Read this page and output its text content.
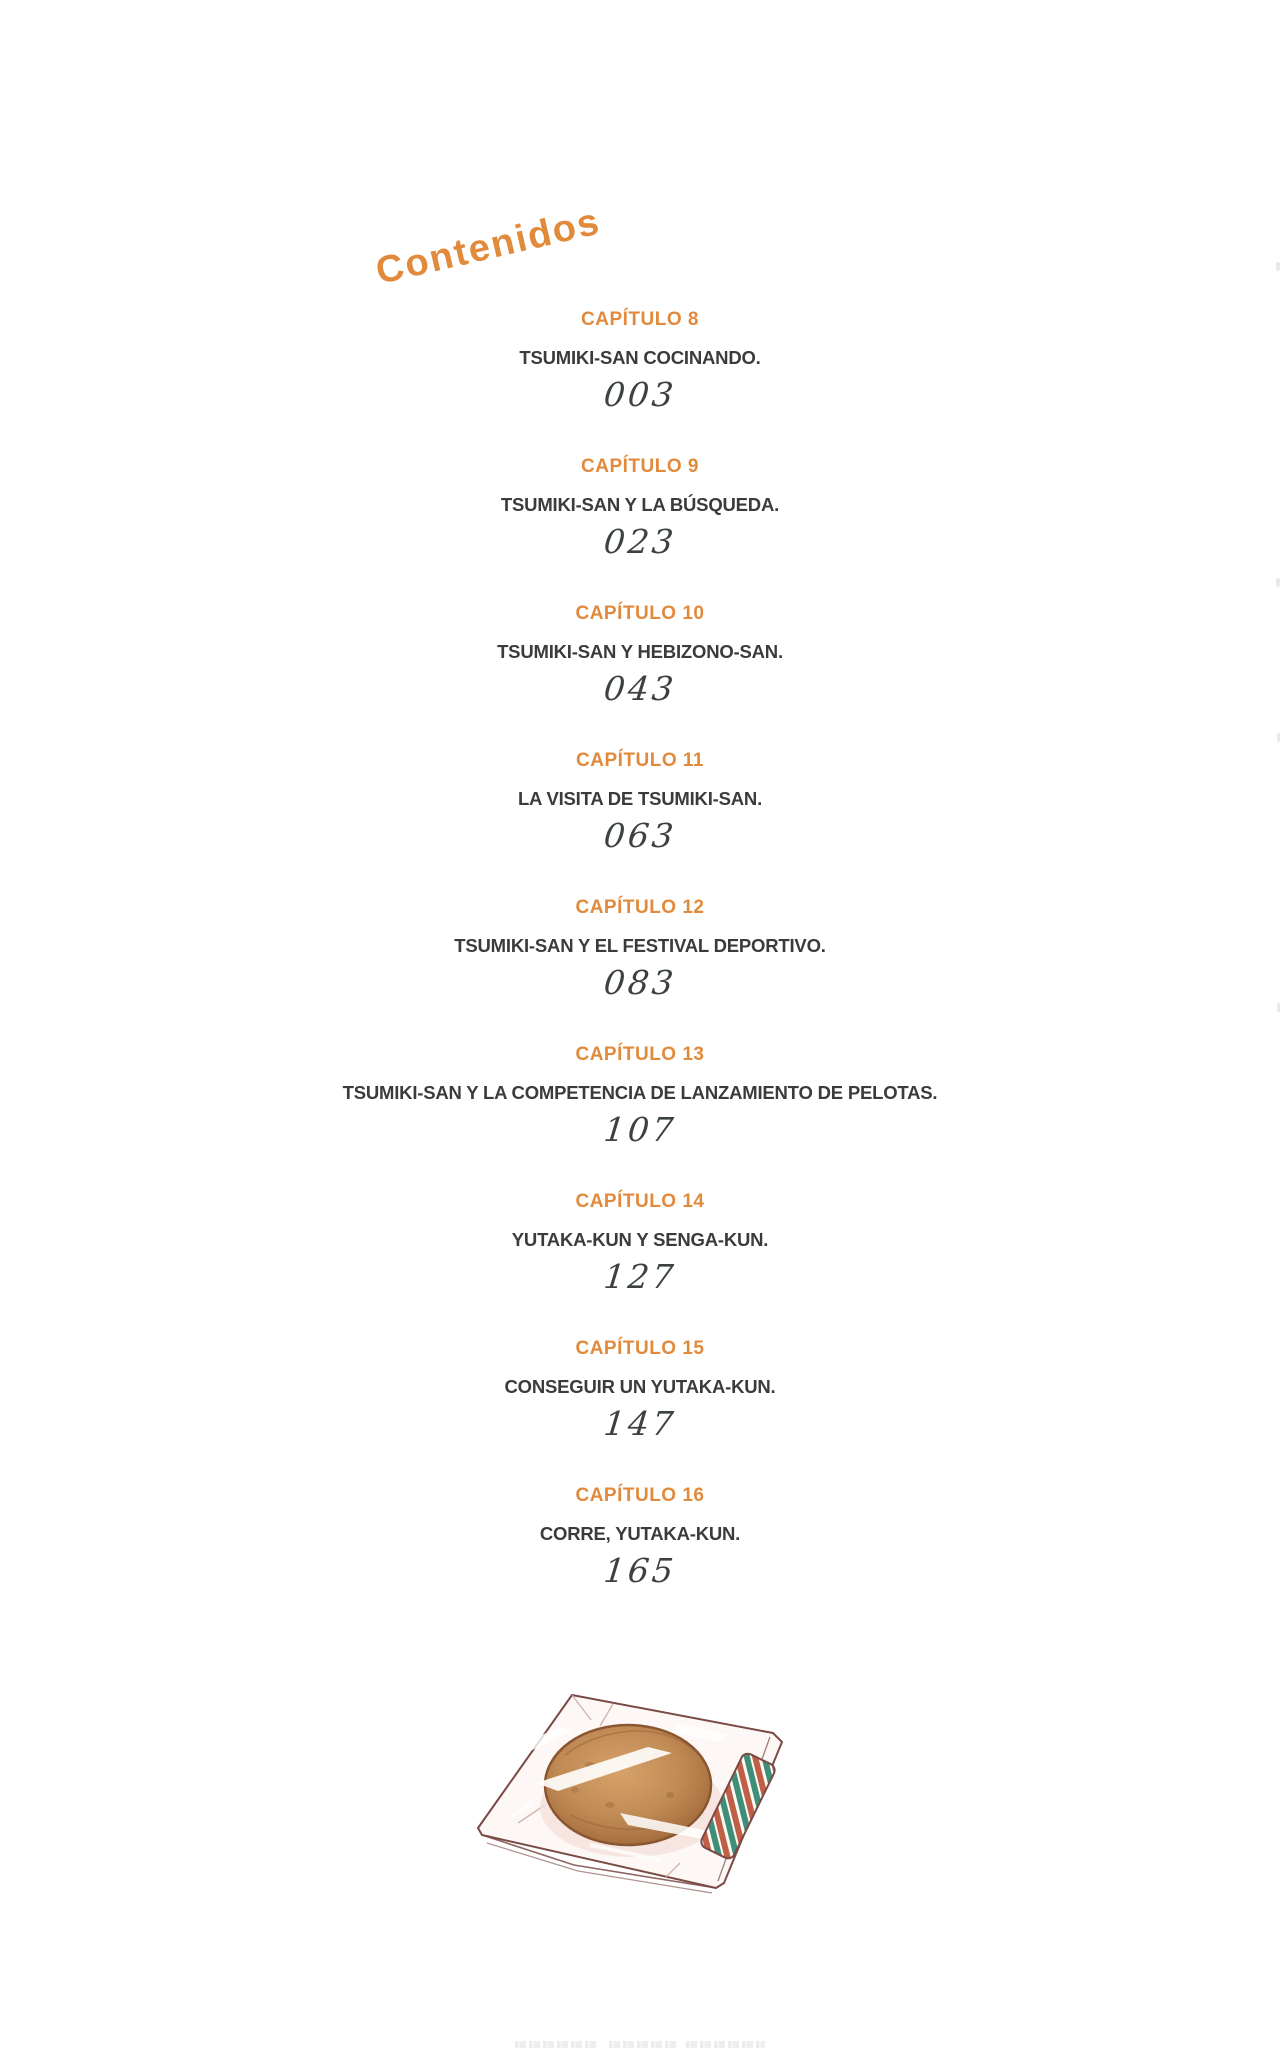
Contenidos
CAPÍTULO 8
TSUMIKI-SAN COCINANDO.
003
CAPÍTULO 9
TSUMIKI-SAN Y LA BÚSQUEDA.
023
CAPÍTULO 10
TSUMIKI-SAN Y HEBIZONO-SAN.
043
CAPÍTULO 11
LA VISITA DE TSUMIKI-SAN.
063
CAPÍTULO 12
TSUMIKI-SAN Y EL FESTIVAL DEPORTIVO.
083
CAPÍTULO 13
TSUMIKI-SAN Y LA COMPETENCIA DE LANZAMIENTO DE PELOTAS.
107
CAPÍTULO 14
YUTAKA-KUN Y SENGA-KUN.
127
CAPÍTULO 15
CONSEGUIR UN YUTAKA-KUN.
147
CAPÍTULO 16
CORRE, YUTAKA-KUN.
165
